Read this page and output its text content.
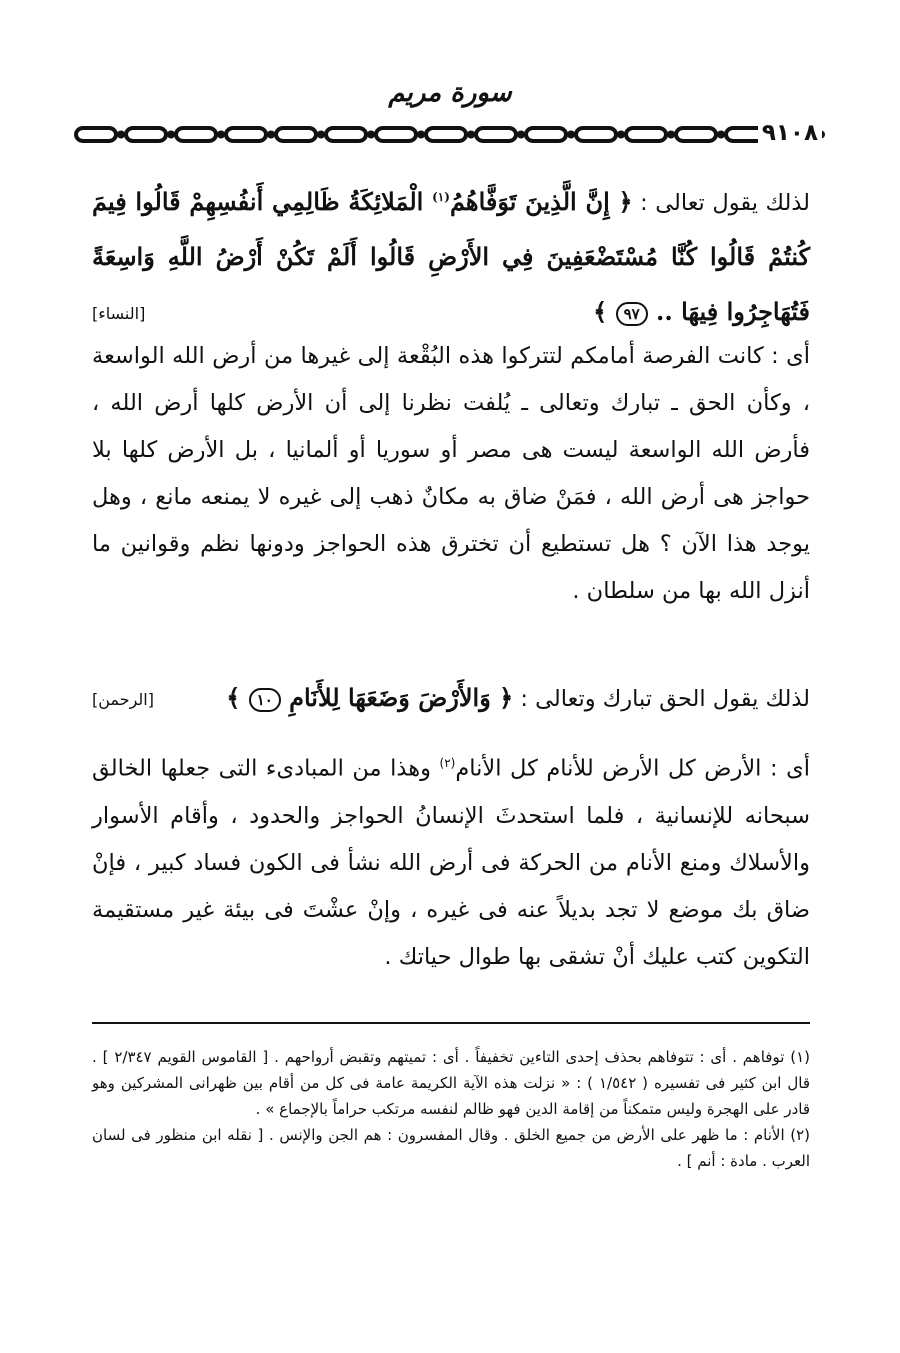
سورة مريم
٩١٠٨
لذلك يقول تعالى : ﴿ إِنَّ الَّذِينَ تَوَفَّاهُمُ$^{(١)}$ الْمَلائِكَةُ ظَالِمِي أَنفُسِهِمْ قَالُوا فِيمَ كُنتُمْ قَالُوا كُنَّا مُسْتَضْعَفِينَ فِي الأَرْضِ قَالُوا أَلَمْ تَكُنْ أَرْضُ اللَّهِ وَاسِعَةً فَتُهَاجِرُوا فِيهَا .. ٩٧ ﴾
[النساء]
أى : كانت الفرصة أمامكم لتتركوا هذه البُقْعة إلى غيرها من أرض الله الواسعة ، وكأن الحق ـ تبارك وتعالى ـ يُلفت نظرنا إلى أن الأرض كلها أرض الله ، فأرض الله الواسعة ليست هى مصر أو سوريا أو ألمانيا ، بل الأرض كلها بلا حواجز هى أرض الله ، فمَنْ ضاق به مكانٌ ذهب إلى غيره لا يمنعه مانع ، وهل يوجد هذا الآن ؟ هل تستطيع أن تخترق هذه الحواجز ودونها نظم وقوانين ما أنزل الله بها من سلطان .
لذلك يقول الحق تبارك وتعالى : ﴿ وَالأَرْضَ وَضَعَهَا لِلأَنَامِ ١٠ ﴾
[الرحمن]
أى : الأرض كل الأرض للأنام كل الأنام$^{(٢)}$ وهذا من المبادىء التى جعلها الخالق سبحانه للإنسانية ، فلما استحدثَ الإنسانُ الحواجز والحدود ، وأقام الأسوار والأسلاك ومنع الأنام من الحركة فى أرض الله نشأ فى الكون فساد كبير ، فإنْ ضاق بك موضع لا تجد بديلاً عنه فى غيره ، وإنْ عشْتَ فى بيئة غير مستقيمة التكوين كتب عليك أنْ تشقى بها طوال حياتك .

(١) توفاهم . أى : تتوفاهم بحذف إحدى التاءين تخفيفاً . أى : تميتهم وتقبض أرواحهم . [ القاموس القويم ٢/٣٤٧ ] . قال ابن كثير فى تفسيره ( ١/٥٤٢ ) : « نزلت هذه الآية الكريمة عامة فى كل من أقام بين ظهرانى المشركين وهو قادر على الهجرة وليس متمكناً من إقامة الدين فهو ظالم لنفسه مرتكب حراماً بالإجماع » .

(٢) الأنام : ما ظهر على الأرض من جميع الخلق . وقال المفسرون : هم الجن والإنس . [ نقله ابن منظور فى لسان العرب . مادة : أنم ] .
